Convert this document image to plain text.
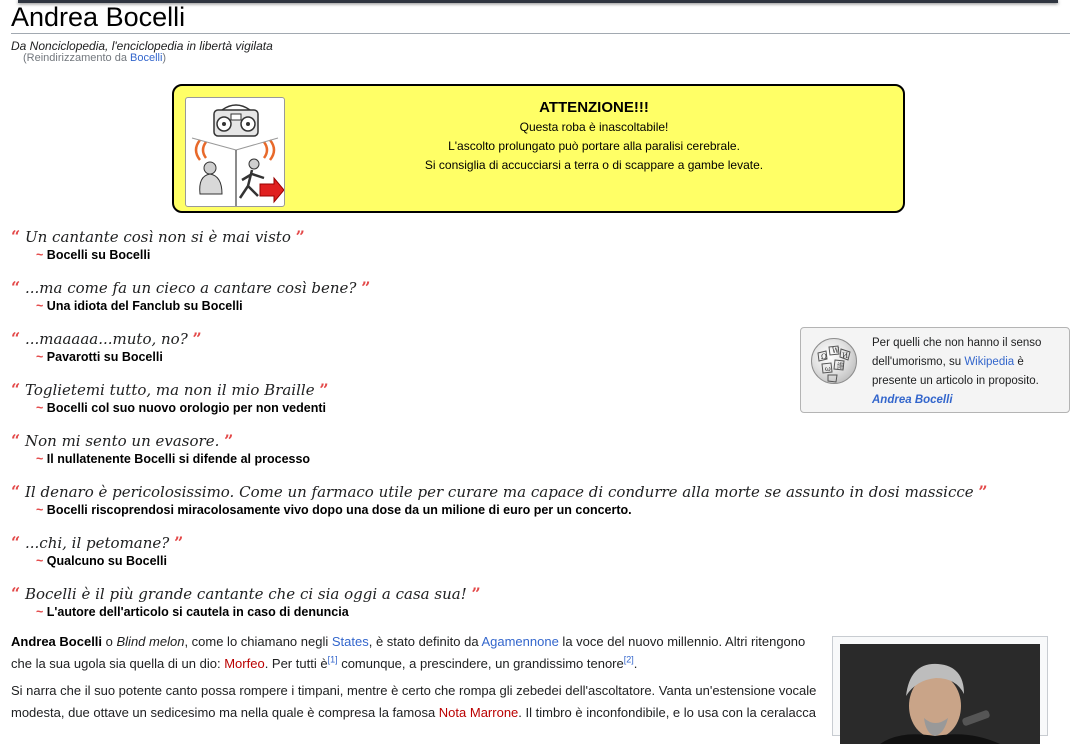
Andrea Bocelli
Da Nonciclopedia, l'enciclopedia in libertà vigilata
(Reindirizzamento da Bocelli)
ATTENZIONE!!!
Questa roba è inascoltabile!
L'ascolto prolungato può portare alla paralisi cerebrale.
Si consiglia di accucciarsi a terra o di scappare a gambe levate.
“ Un cantante così non si è mai visto ”
~ Bocelli su Bocelli
“ ...ma come fa un cieco a cantare così bene? ”
~ Una idiota del Fanclub su Bocelli
“ ...maaaaa...muto, no? ”
~ Pavarotti su Bocelli
“ Toglietemi tutto, ma non il mio Braille ”
~ Bocelli col suo nuovo orologio per non vedenti
“ Non mi sento un evasore. ”
~ Il nullatenente Bocelli si difende al processo
“ Il denaro è pericolosissimo. Come un farmaco utile per curare ma capace di condurre alla morte se assunto in dosi massicce ”
~ Bocelli riscoprendosi miracolosamente vivo dopo una dose da un milione di euro per un concerto.
“ ...chi, il petomane? ”
~ Qualcuno su Bocelli
“ Bocelli è il più grande cantante che ci sia oggi a casa sua! ”
~ L'autore dell'articolo si cautela in caso di denuncia
Ω
W
И
ω 維
Per quelli che non hanno il senso dell'umorismo, su Wikipedia è presente un articolo in proposito.
Andrea Bocelli
Andrea Bocelli o Blind melon, come lo chiamano negli States, è stato definito da Agamennone la voce del nuovo millennio. Altri ritengono che la sua ugola sia quella di un dio: Morfeo. Per tutti è[1] comunque, a prescindere, un grandissimo tenore[2].
Si narra che il suo potente canto possa rompere i timpani, mentre è certo che rompa gli zebedei dell'ascoltatore. Vanta un'estensione vocale modesta, due ottave un sedicesimo ma nella quale è compresa la famosa Nota Marrone. Il timbro è inconfondibile, e lo usa con la ceralacca
